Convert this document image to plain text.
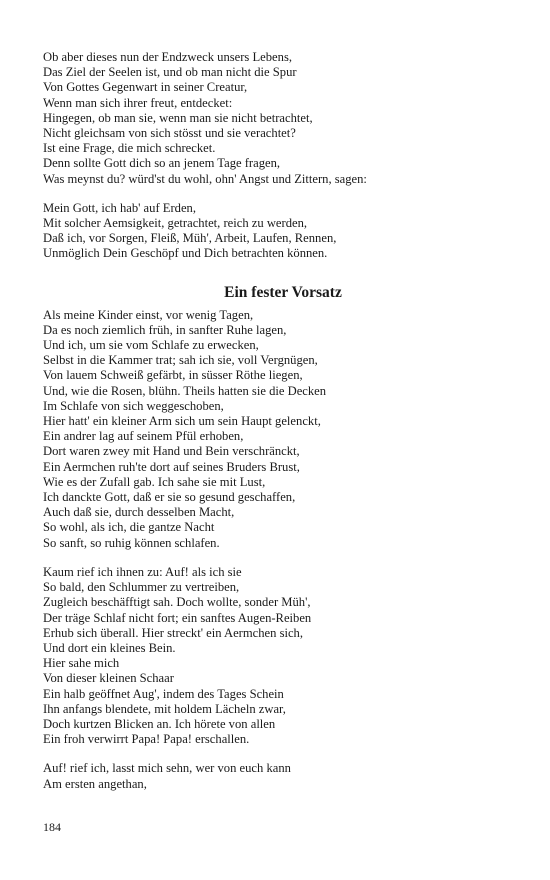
Ob aber dieses nun der Endzweck unsers Lebens,
Das Ziel der Seelen ist, und ob man nicht die Spur
Von Gottes Gegenwart in seiner Creatur,
Wenn man sich ihrer freut, entdecket:
Hingegen, ob man sie, wenn man sie nicht betrachtet,
Nicht gleichsam von sich stösst und sie verachtet?
Ist eine Frage, die mich schrecket.
Denn sollte Gott dich so an jenem Tage fragen,
Was meynst du? würd'st du wohl, ohn' Angst und Zittern, sagen:
Mein Gott, ich hab' auf Erden,
Mit solcher Aemsigkeit, getrachtet, reich zu werden,
Daß ich, vor Sorgen, Fleiß, Müh', Arbeit, Laufen, Rennen,
Unmöglich Dein Geschöpf und Dich betrachten können.
Ein fester Vorsatz
Als meine Kinder einst, vor wenig Tagen,
Da es noch ziemlich früh, in sanfter Ruhe lagen,
Und ich, um sie vom Schlafe zu erwecken,
Selbst in die Kammer trat; sah ich sie, voll Vergnügen,
Von lauem Schweiß gefärbt, in süsser Röthe liegen,
Und, wie die Rosen, blühn. Theils hatten sie die Decken
Im Schlafe von sich weggeschoben,
Hier hatt' ein kleiner Arm sich um sein Haupt gelenckt,
Ein andrer lag auf seinem Pfül erhoben,
Dort waren zwey mit Hand und Bein verschränckt,
Ein Aermchen ruh'te dort auf seines Bruders Brust,
Wie es der Zufall gab. Ich sahe sie mit Lust,
Ich danckte Gott, daß er sie so gesund geschaffen,
Auch daß sie, durch desselben Macht,
So wohl, als ich, die gantze Nacht
So sanft, so ruhig können schlafen.
Kaum rief ich ihnen zu: Auf! als ich sie
So bald, den Schlummer zu vertreiben,
Zugleich beschäfftigt sah. Doch wollte, sonder Müh',
Der träge Schlaf nicht fort; ein sanftes Augen-Reiben
Erhub sich überall. Hier streckt' ein Aermchen sich,
Und dort ein kleines Bein.
Hier sahe mich
Von dieser kleinen Schaar
Ein halb geöffnet Aug', indem des Tages Schein
Ihn anfangs blendete, mit holdem Lächeln zwar,
Doch kurtzen Blicken an. Ich hörete von allen
Ein froh verwirrt Papa! Papa! erschallen.
Auf! rief ich, lasst mich sehn, wer von euch kann
Am ersten angethan,
184
